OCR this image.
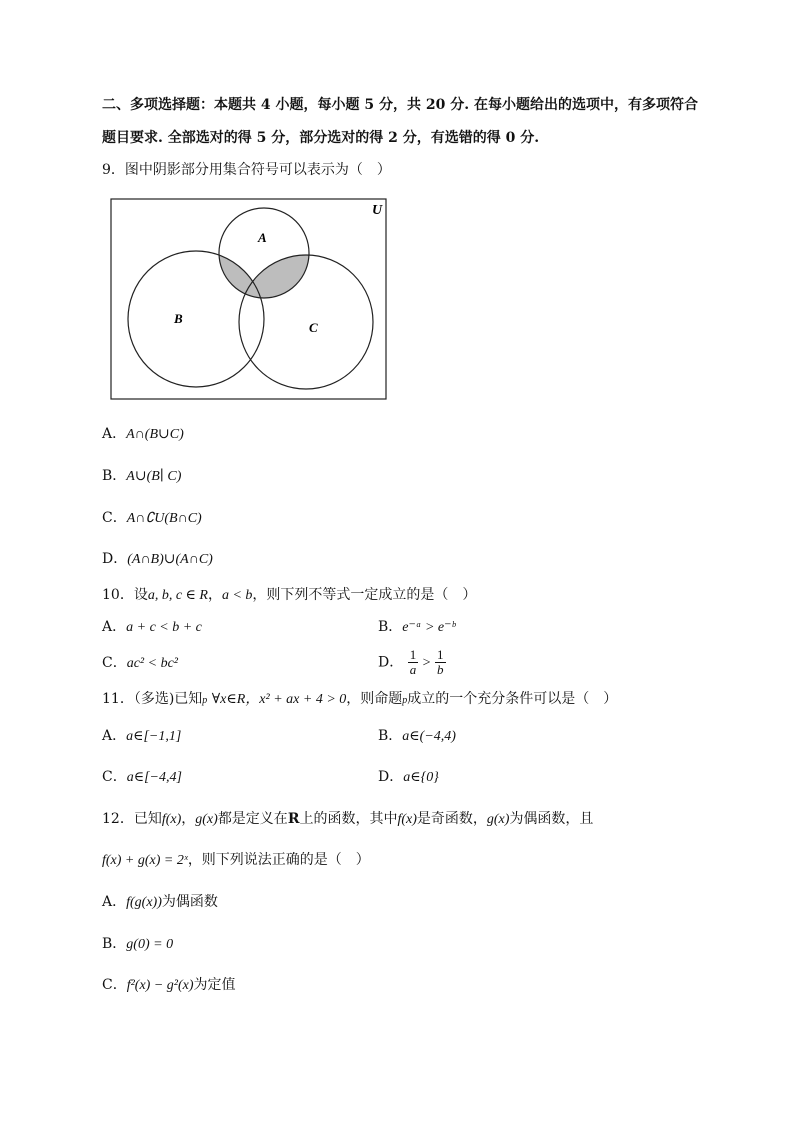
二、多项选择题：本题共 4 小题，每小题 5 分，共 20 分. 在每小题给出的选项中，有多项符合
题目要求. 全部选对的得 5 分，部分选对的得 2 分，有选错的得 0 分.
9．图中阴影部分用集合符号可以表示为（　）
U
A
B
C
A．A∩(B∪C)
B．A∪(B∣ C)
C．A∩∁U(B∩C)
D．(A∩B)∪(A∩C)
10．设a, b, c ∈ R，a < b，则下列不等式一定成立的是（　）
A．a + c < b + c	B．e⁻ᵃ > e⁻ᵇ
C．ac² < bc²	D． $\frac{1}{a} > \frac{1}{b}$
11．（多选)已知p ∀x∈R，x² + ax + 4 > 0，则命题p成立的一个充分条件可以是（　）
A．a∈[−1,1]	B．a∈(−4,4)
C．a∈[−4,4]	D．a∈{0}
12．已知f(x)，g(x)都是定义在R上的函数，其中f(x)是奇函数，g(x)为偶函数，且
f(x) + g(x) = 2ˣ，则下列说法正确的是（　）
A．f(g(x))为偶函数
B．g(0) = 0
C．f²(x) − g²(x)为定值
